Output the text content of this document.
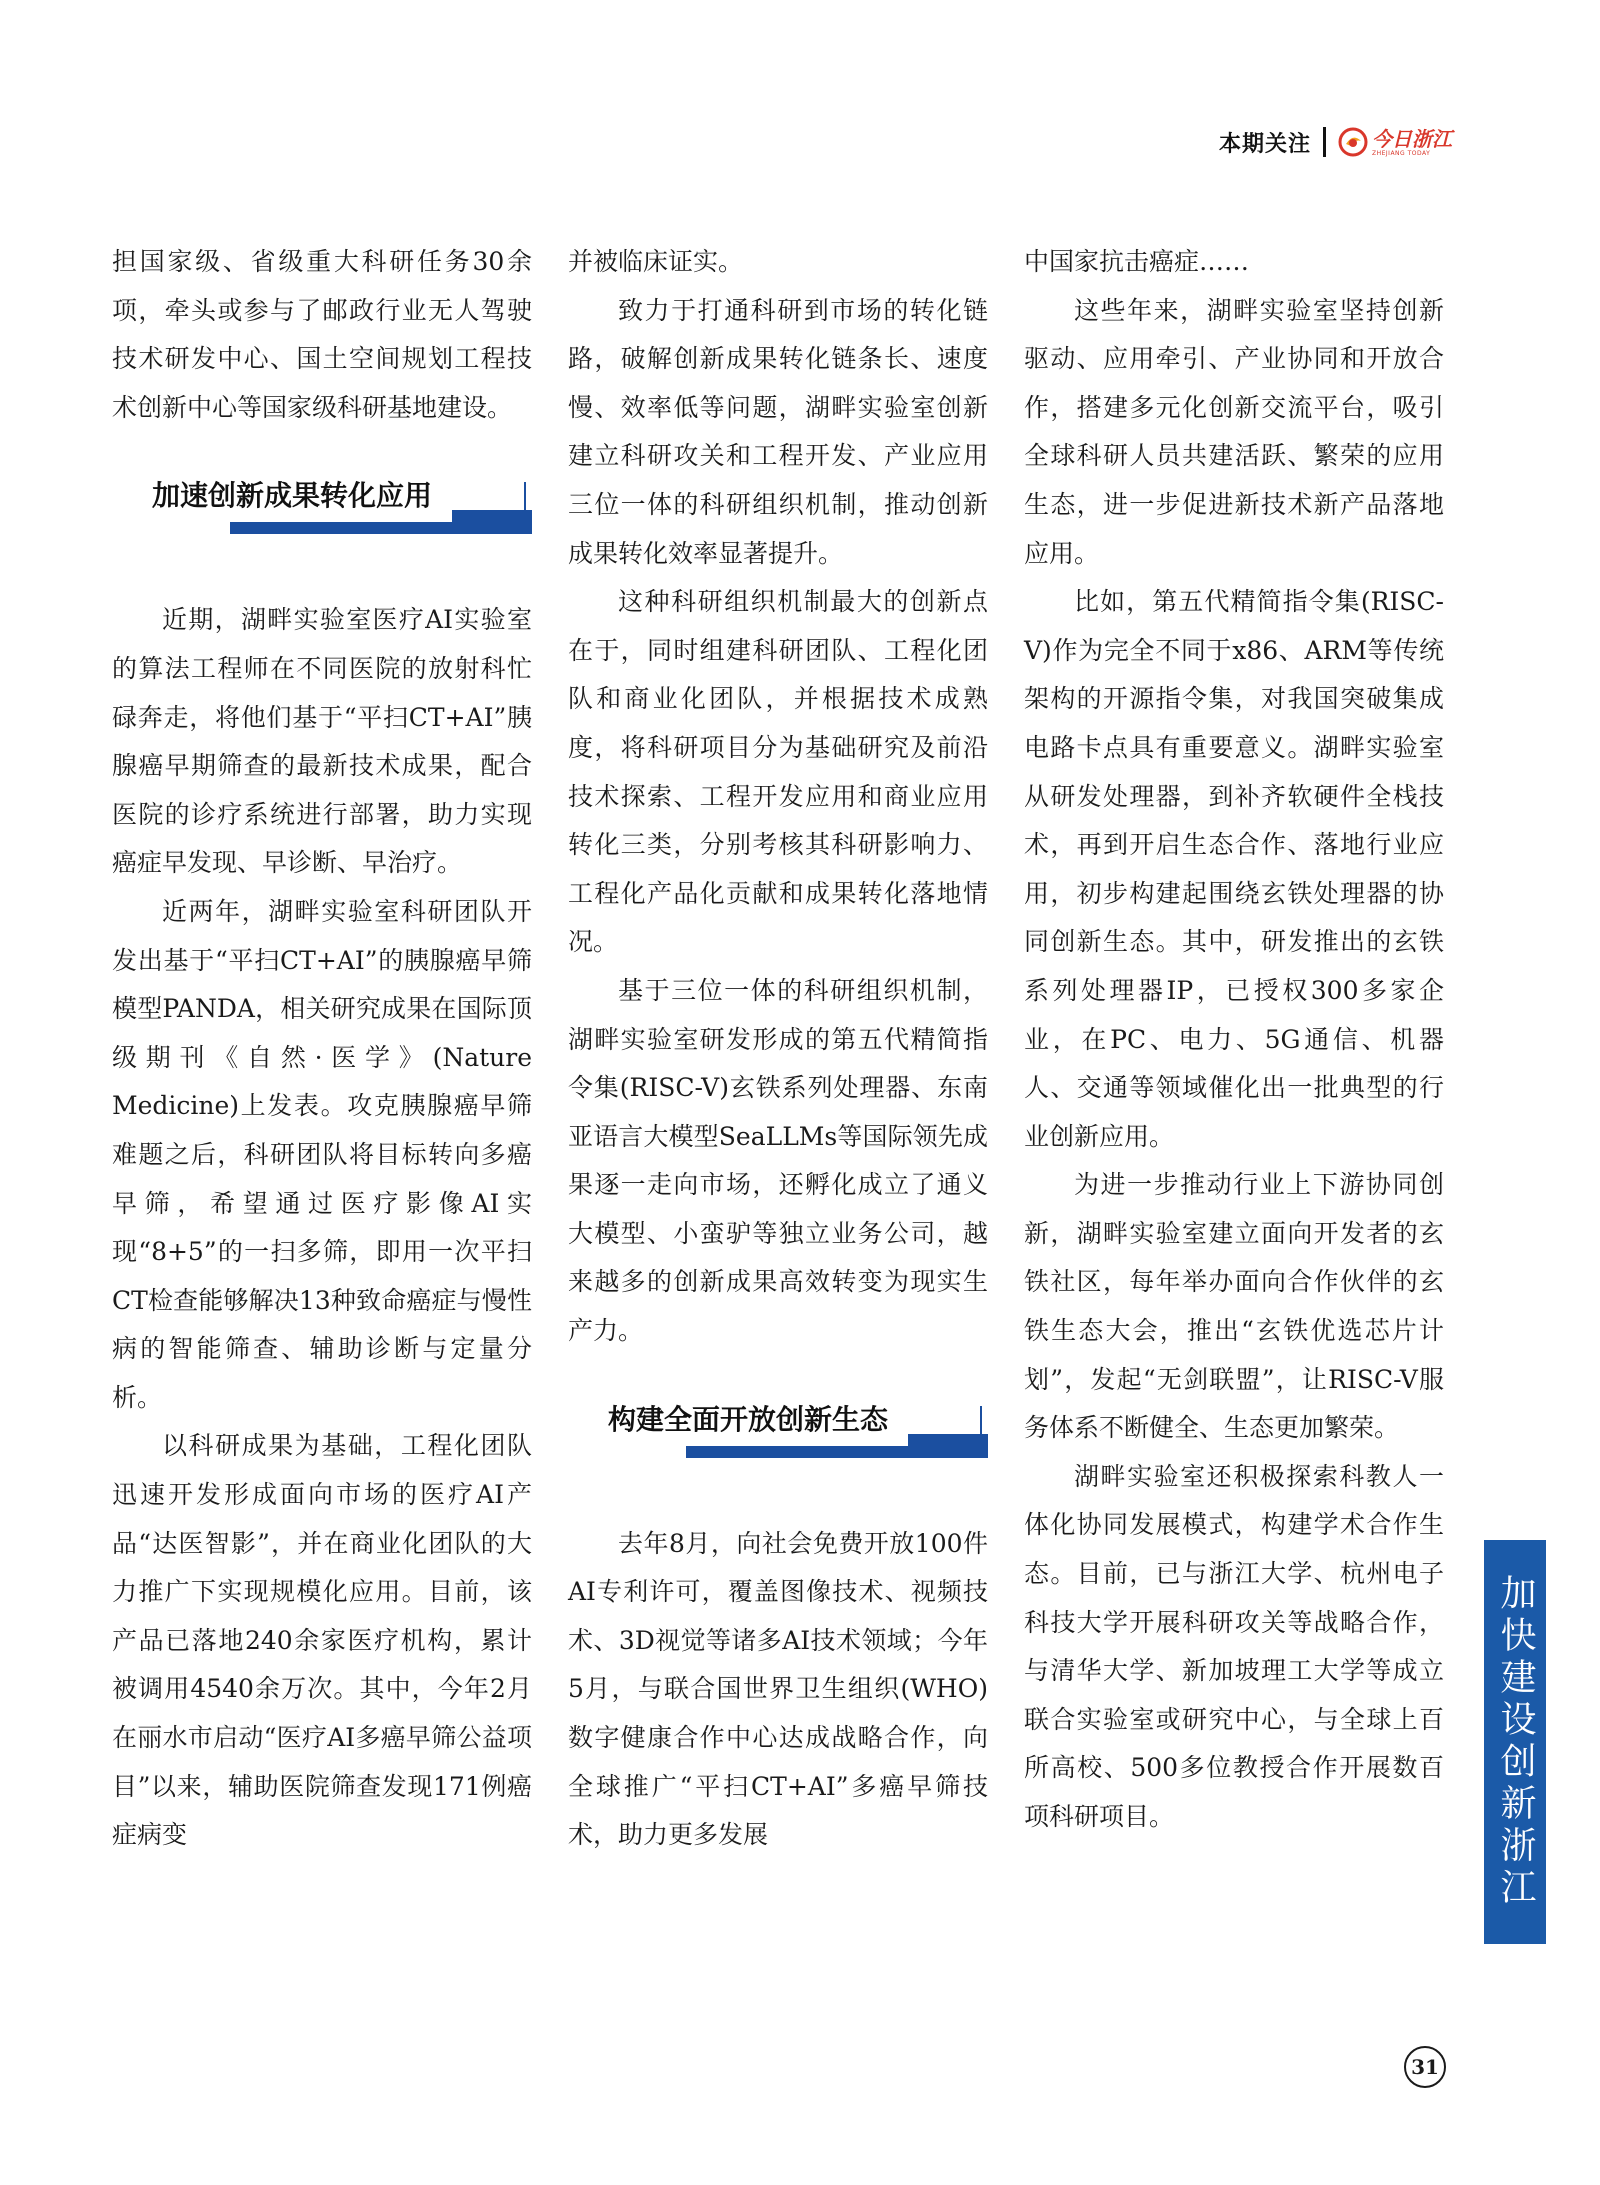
本期关注	今日浙江
ZHEJIANG TODAY

担国家级、省级重大科研任务30余项，牵头或参与了邮政行业无人驾驶技术研发中心、国土空间规划工程技术创新中心等国家级科研基地建设。

加速创新成果转化应用

近期，湖畔实验室医疗AI实验室的算法工程师在不同医院的放射科忙碌奔走，将他们基于“平扫CT+AI”胰腺癌早期筛查的最新技术成果，配合医院的诊疗系统进行部署，助力实现癌症早发现、早诊断、早治疗。

近两年，湖畔实验室科研团队开发出基于“平扫CT+AI”的胰腺癌早筛模型PANDA，相关研究成果在国际顶级期刊《自然·医学》(Nature Medicine)上发表。攻克胰腺癌早筛难题之后，科研团队将目标转向多癌早筛，希望通过医疗影像AI实现“8+5”的一扫多筛，即用一次平扫CT检查能够解决13种致命癌症与慢性病的智能筛查、辅助诊断与定量分析。

以科研成果为基础，工程化团队迅速开发形成面向市场的医疗AI产品“达医智影”，并在商业化团队的大力推广下实现规模化应用。目前，该产品已落地240余家医疗机构，累计被调用4540余万次。其中，今年2月在丽水市启动“医疗AI多癌早筛公益项目”以来，辅助医院筛查发现171例癌症病变

并被临床证实。

致力于打通科研到市场的转化链路，破解创新成果转化链条长、速度慢、效率低等问题，湖畔实验室创新建立科研攻关和工程开发、产业应用三位一体的科研组织机制，推动创新成果转化效率显著提升。

这种科研组织机制最大的创新点在于，同时组建科研团队、工程化团队和商业化团队，并根据技术成熟度，将科研项目分为基础研究及前沿技术探索、工程开发应用和商业应用转化三类，分别考核其科研影响力、工程化产品化贡献和成果转化落地情况。

基于三位一体的科研组织机制，湖畔实验室研发形成的第五代精简指令集(RISC-V)玄铁系列处理器、东南亚语言大模型SeaLLMs等国际领先成果逐一走向市场，还孵化成立了通义大模型、小蛮驴等独立业务公司，越来越多的创新成果高效转变为现实生产力。

构建全面开放创新生态

去年8月，向社会免费开放100件AI专利许可，覆盖图像技术、视频技术、3D视觉等诸多AI技术领域；今年5月，与联合国世界卫生组织(WHO)数字健康合作中心达成战略合作，向全球推广“平扫CT+AI”多癌早筛技术，助力更多发展

中国家抗击癌症……

这些年来，湖畔实验室坚持创新驱动、应用牵引、产业协同和开放合作，搭建多元化创新交流平台，吸引全球科研人员共建活跃、繁荣的应用生态，进一步促进新技术新产品落地应用。

比如，第五代精简指令集(RISC-V)作为完全不同于x86、ARM等传统架构的开源指令集，对我国突破集成电路卡点具有重要意义。湖畔实验室从研发处理器，到补齐软硬件全栈技术，再到开启生态合作、落地行业应用，初步构建起围绕玄铁处理器的协同创新生态。其中，研发推出的玄铁系列处理器IP，已授权300多家企业，在PC、电力、5G通信、机器人、交通等领域催化出一批典型的行业创新应用。

为进一步推动行业上下游协同创新，湖畔实验室建立面向开发者的玄铁社区，每年举办面向合作伙伴的玄铁生态大会，推出“玄铁优选芯片计划”，发起“无剑联盟”，让RISC-V服务体系不断健全、生态更加繁荣。

湖畔实验室还积极探索科教人一体化协同发展模式，构建学术合作生态。目前，已与浙江大学、杭州电子科技大学开展科研攻关等战略合作，与清华大学、新加坡理工大学等成立联合实验室或研究中心，与全球上百所高校、500多位教授合作开展数百项科研项目。	加快建设创新浙江
31
